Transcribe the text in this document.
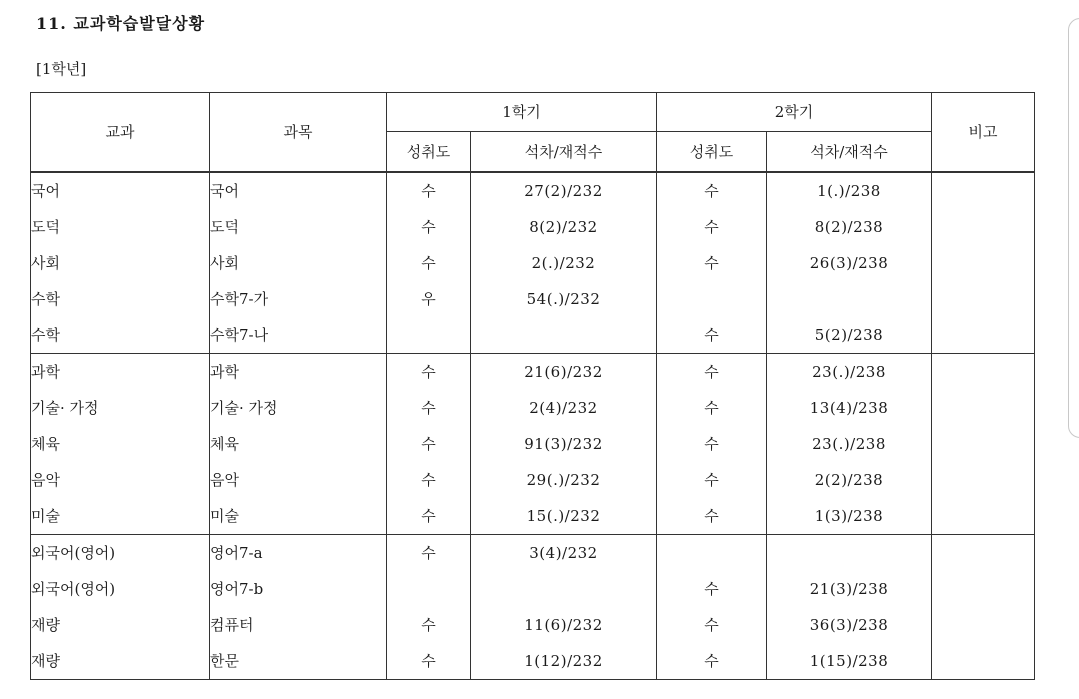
11. 교과학습발달상황
[1학년]
교과	과목	1학기		2학기		비고
		성취도	석차/재적수	성취도	석차/재적수	
국어	국어	수	27(2)/232	수	1(.)/238	
도덕	도덕	수	8(2)/232	수	8(2)/238	
사회	사회	수	2(.)/232	수	26(3)/238	
수학	수학7-가	우	54(.)/232			
수학	수학7-나			수	5(2)/238	
과학	과학	수	21(6)/232	수	23(.)/238	
기술· 가정	기술· 가정	수	2(4)/232	수	13(4)/238	
체육	체육	수	91(3)/232	수	23(.)/238	
음악	음악	수	29(.)/232	수	2(2)/238	
미술	미술	수	15(.)/232	수	1(3)/238	
외국어(영어)	영어7-a	수	3(4)/232			
외국어(영어)	영어7-b			수	21(3)/238	
재량	컴퓨터	수	11(6)/232	수	36(3)/238	
재량	한문	수	1(12)/232	수	1(15)/238	
